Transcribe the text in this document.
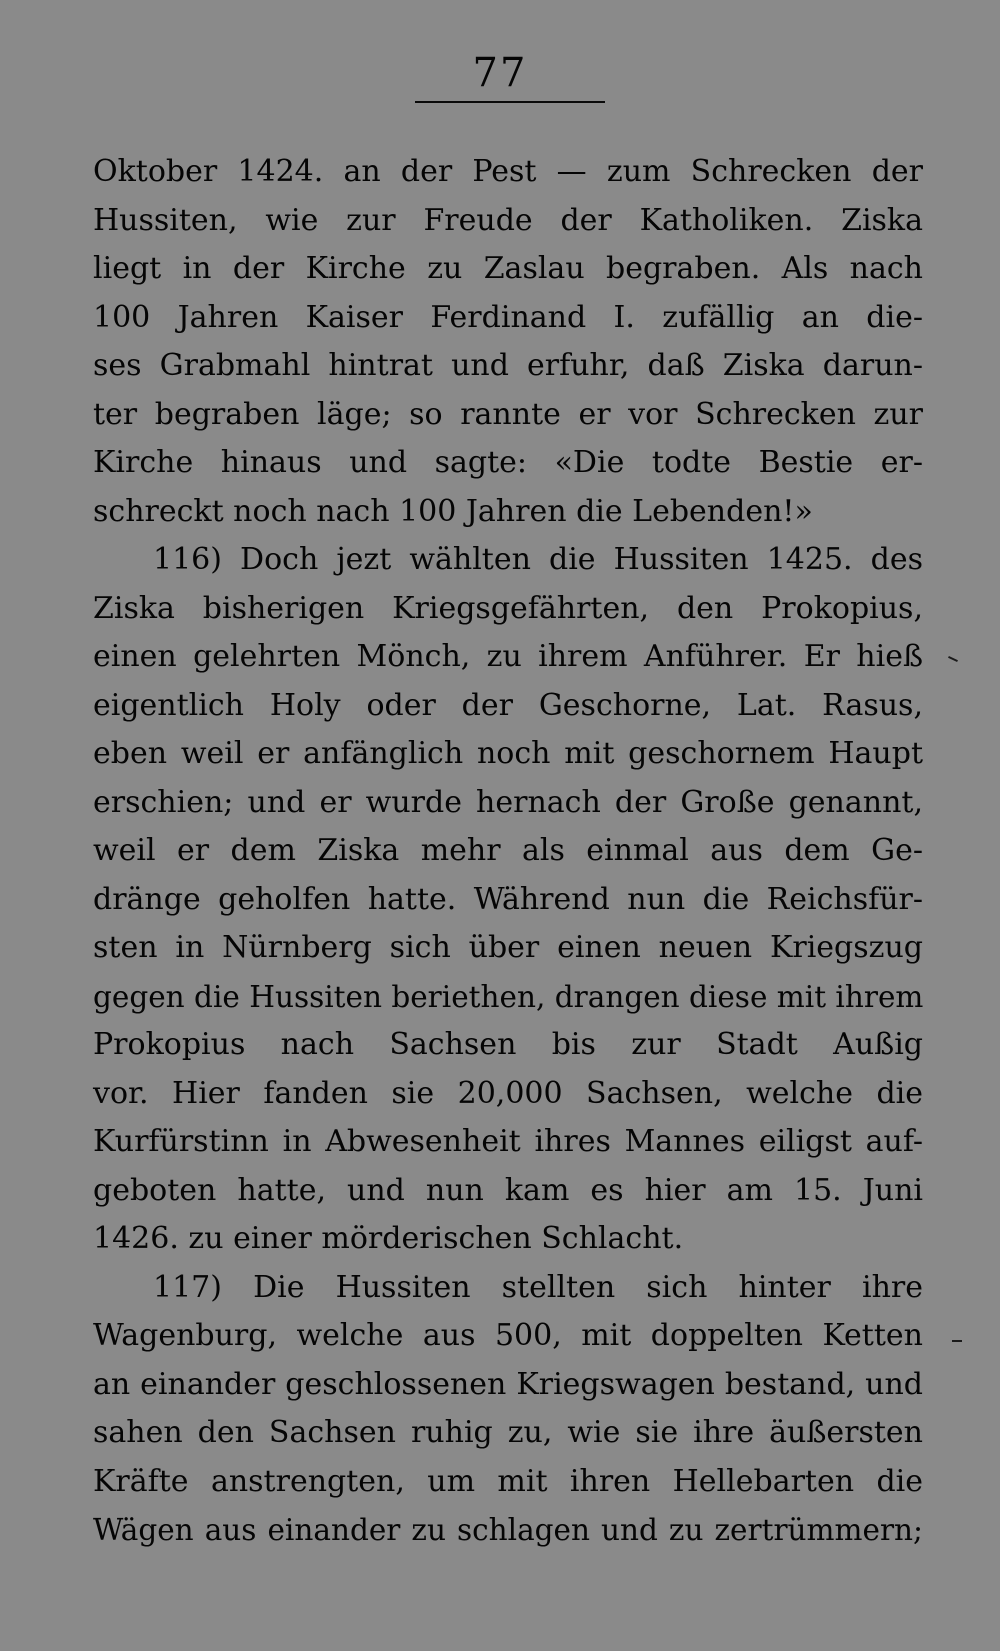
77
Oktober 1424. an der Pest — zum Schrecken der
Hussiten, wie zur Freude der Katholiken. Ziska
liegt in der Kirche zu Zaslau begraben. Als nach
100 Jahren Kaiser Ferdinand I. zufällig an die-
ses Grabmahl hintrat und erfuhr, daß Ziska darun-
ter begraben läge; so rannte er vor Schrecken zur
Kirche hinaus und sagte: «Die todte Bestie er-
schreckt noch nach 100 Jahren die Lebenden!»
116) Doch jezt wählten die Hussiten 1425. des
Ziska bisherigen Kriegsgefährten, den Prokopius,
einen gelehrten Mönch, zu ihrem Anführer. Er hieß
eigentlich Holy oder der Geschorne, Lat. Rasus,
eben weil er anfänglich noch mit geschornem Haupt
erschien; und er wurde hernach der Große genannt,
weil er dem Ziska mehr als einmal aus dem Ge-
dränge geholfen hatte. Während nun die Reichsfür-
sten in Nürnberg sich über einen neuen Kriegszug
gegen die Hussiten beriethen, drangen diese mit ihrem
Prokopius nach Sachsen bis zur Stadt Außig
vor. Hier fanden sie 20,000 Sachsen, welche die
Kurfürstinn in Abwesenheit ihres Mannes eiligst auf-
geboten hatte, und nun kam es hier am 15. Juni
1426. zu einer mörderischen Schlacht.
117) Die Hussiten stellten sich hinter ihre
Wagenburg, welche aus 500, mit doppelten Ketten
an einander geschlossenen Kriegswagen bestand, und
sahen den Sachsen ruhig zu, wie sie ihre äußersten
Kräfte anstrengten, um mit ihren Hellebarten die
Wägen aus einander zu schlagen und zu zertrümmern;
